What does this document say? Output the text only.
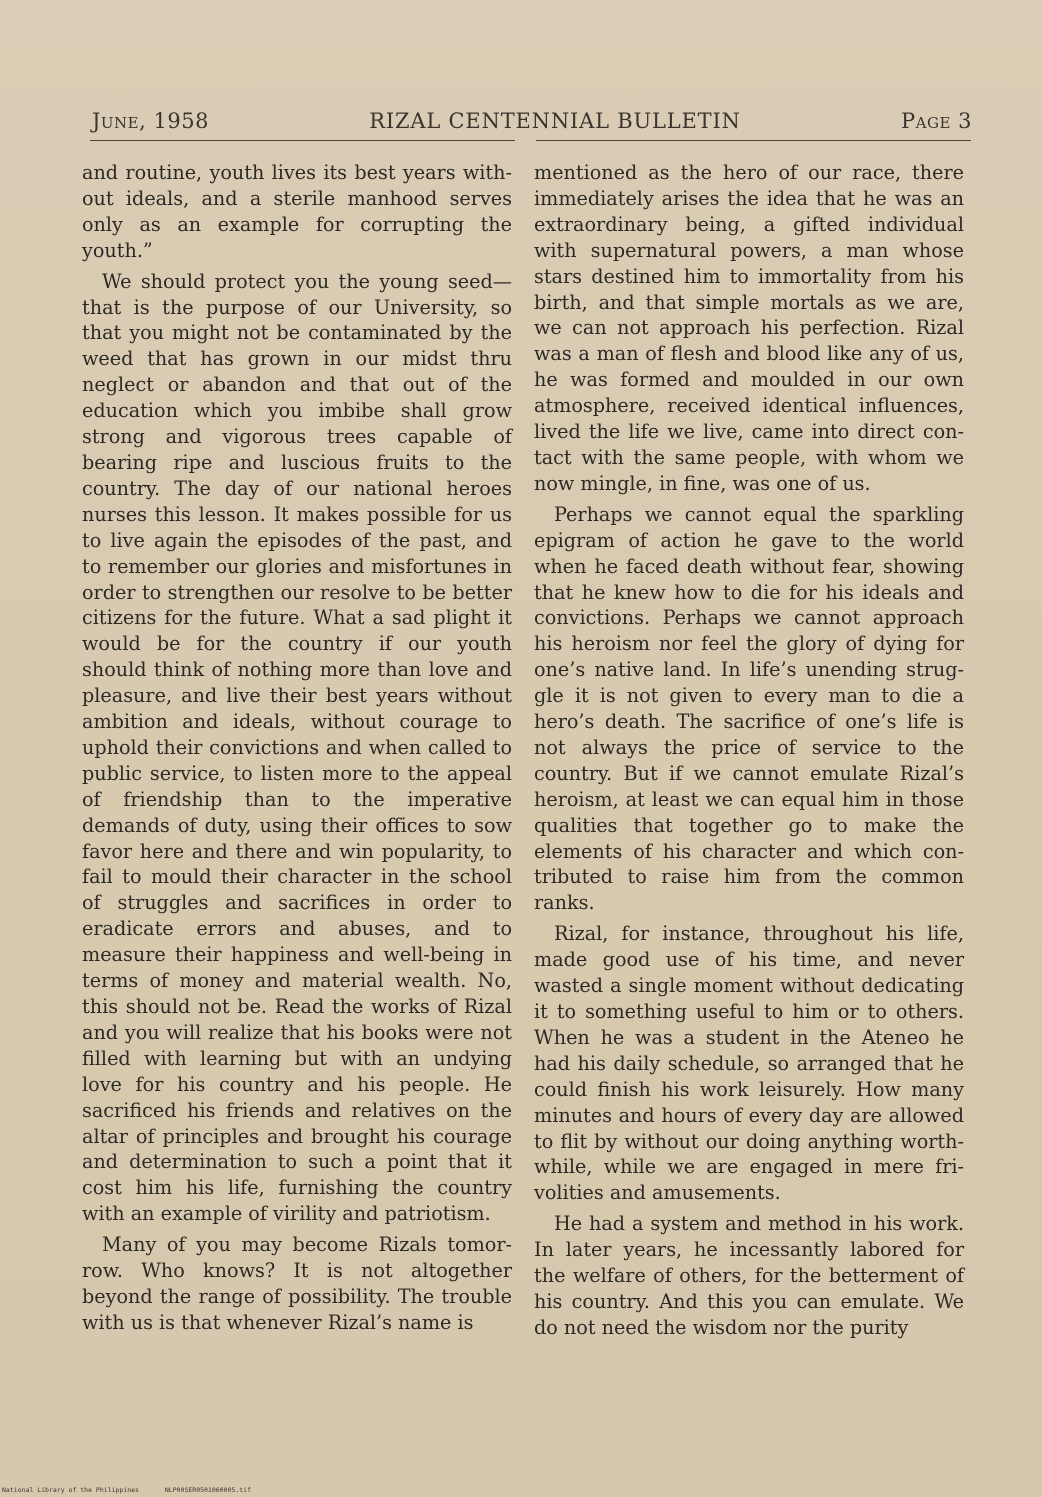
June, 1958	RIZAL CENTENNIAL BULLETIN	Page 3

and routine, youth lives its best years without ideals, and a sterile manhood serves only as an example for corrupting the youth.”

We should protect you the young seed—that is the purpose of our University, so that you might not be contaminated by the weed that has grown in our midst thru neglect or abandon and that out of the education which you imbibe shall grow strong and vigorous trees capable of bearing ripe and luscious fruits to the country. The day of our national heroes nurses this lesson. It makes possible for us to live again the episodes of the past, and to remember our glories and misfortunes in order to strengthen our resolve to be better citizens for the future. What a sad plight it would be for the country if our youth should think of nothing more than love and pleasure, and live their best years without ambition and ideals, without courage to uphold their convictions and when called to public service, to listen more to the appeal of friendship than to the imperative demands of duty, using their offices to sow favor here and there and win popularity, to fail to mould their character in the school of struggles and sacrifices in order to eradicate errors and abuses, and to measure their happiness and well-being in terms of money and material wealth. No, this should not be. Read the works of Rizal and you will realize that his books were not filled with learning but with an undying love for his country and his people. He sacrificed his friends and relatives on the altar of principles and brought his courage and determination to such a point that it cost him his life, furnishing the country with an example of virility and patriotism.

Many of you may become Rizals tomorrow. Who knows? It is not altogether beyond the range of possibility. The trouble with us is that whenever Rizal’s name is

mentioned as the hero of our race, there immediately arises the idea that he was an extraordinary being, a gifted individual with supernatural powers, a man whose stars destined him to immortality from his birth, and that simple mortals as we are, we can not approach his perfection. Rizal was a man of flesh and blood like any of us, he was formed and moulded in our own atmosphere, received identical influences, lived the life we live, came into direct contact with the same people, with whom we now mingle, in fine, was one of us.

Perhaps we cannot equal the sparkling epigram of action he gave to the world when he faced death without fear, showing that he knew how to die for his ideals and convictions. Perhaps we cannot approach his heroism nor feel the glory of dying for one’s native land. In life’s unending struggle it is not given to every man to die a hero’s death. The sacrifice of one’s life is not always the price of service to the country. But if we cannot emulate Rizal’s heroism, at least we can equal him in those qualities that together go to make the elements of his character and which contributed to raise him from the common ranks.

Rizal, for instance, throughout his life, made good use of his time, and never wasted a single moment without dedicating it to something useful to him or to others. When he was a student in the Ateneo he had his daily schedule, so arranged that he could finish his work leisurely. How many minutes and hours of every day are allowed to flit by without our doing anything worthwhile, while we are engaged in mere frivolities and amusements.

He had a system and method in his work. In later years, he incessantly labored for the welfare of others, for the betterment of his country. And this you can emulate. We do not need the wisdom nor the purity

National Library of the Philippines	NLP00SER0501060005.tif
